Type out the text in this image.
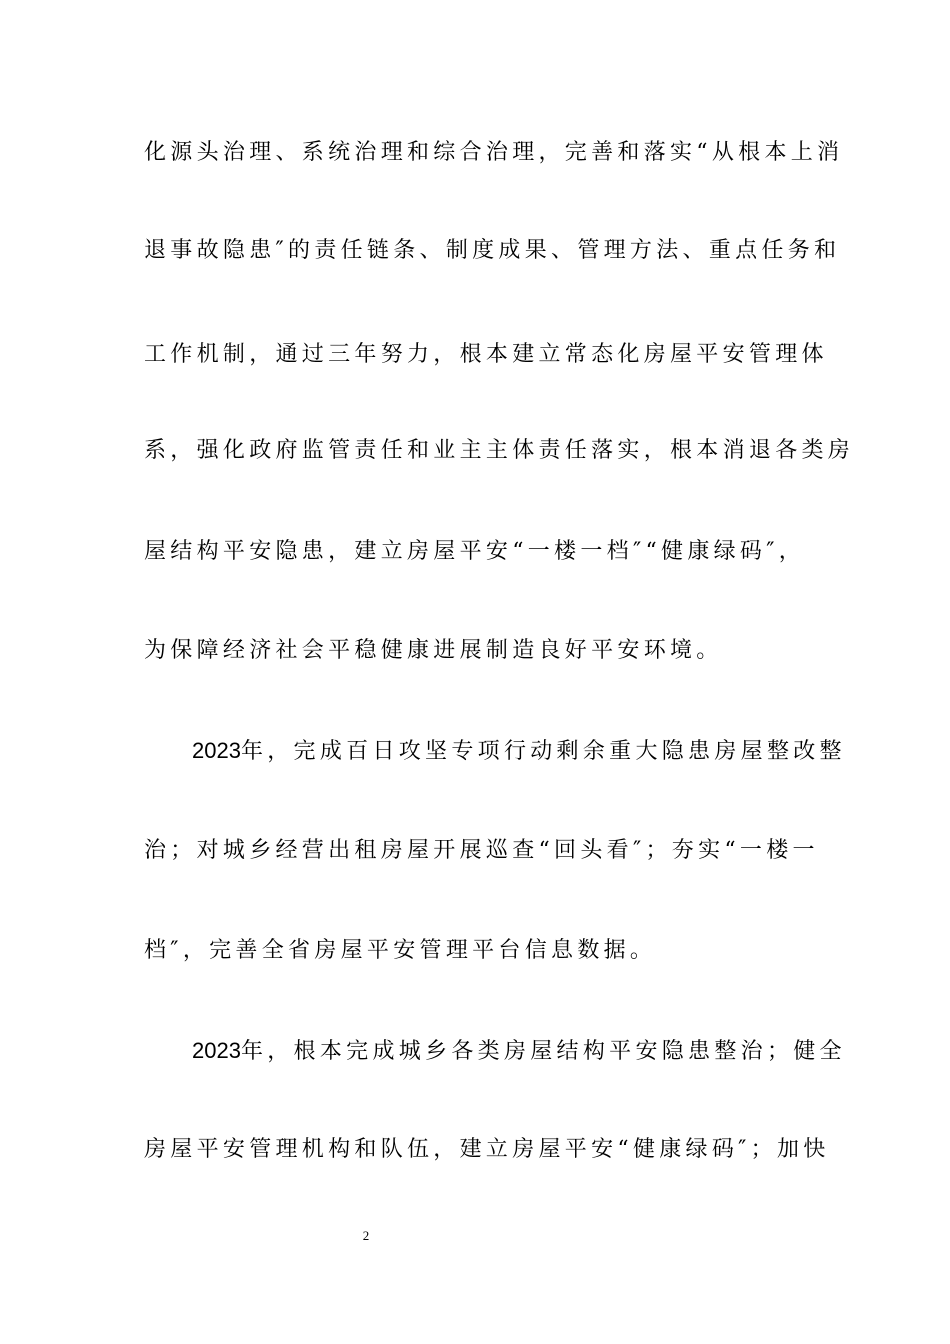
化源头治理、系统治理和综合治理，完善和落实“从根本上消
退事故隐患″的责任链条、制度成果、管理方法、重点任务和
工作机制，通过三年努力，根本建立常态化房屋平安管理体
系，强化政府监管责任和业主主体责任落实，根本消退各类房
屋结构平安隐患，建立房屋平安“一楼一档″“健康绿码″，
为保障经济社会平稳健康进展制造良好平安环境。
2023年，完成百日攻坚专项行动剩余重大隐患房屋整改整
治；对城乡经营出租房屋开展巡查“回头看″；夯实“一楼一
档″，完善全省房屋平安管理平台信息数据。
2023年，根本完成城乡各类房屋结构平安隐患整治；健全
房屋平安管理机构和队伍，建立房屋平安“健康绿码″；加快
2
